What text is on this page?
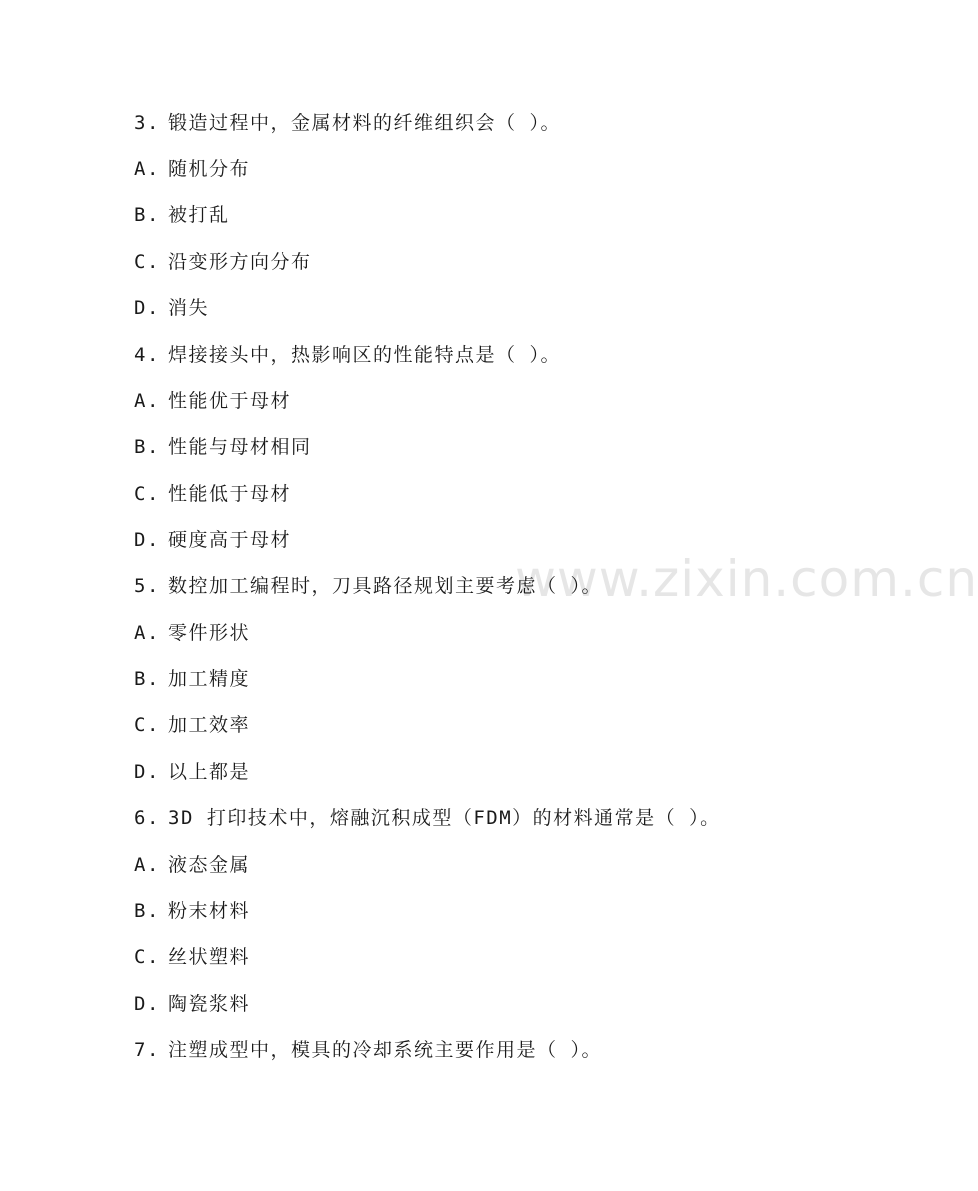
www.zixin.com.cn
3. 锻造过程中，金属材料的纤维组织会（ ）。
A. 随机分布
B. 被打乱
C. 沿变形方向分布
D. 消失
4. 焊接接头中，热影响区的性能特点是（ ）。
A. 性能优于母材
B. 性能与母材相同
C. 性能低于母材
D. 硬度高于母材
5. 数控加工编程时，刀具路径规划主要考虑（ ）。
A. 零件形状
B. 加工精度
C. 加工效率
D. 以上都是
6. 3D 打印技术中，熔融沉积成型（FDM）的材料通常是（ ）。
A. 液态金属
B. 粉末材料
C. 丝状塑料
D. 陶瓷浆料
7. 注塑成型中，模具的冷却系统主要作用是（ ）。
